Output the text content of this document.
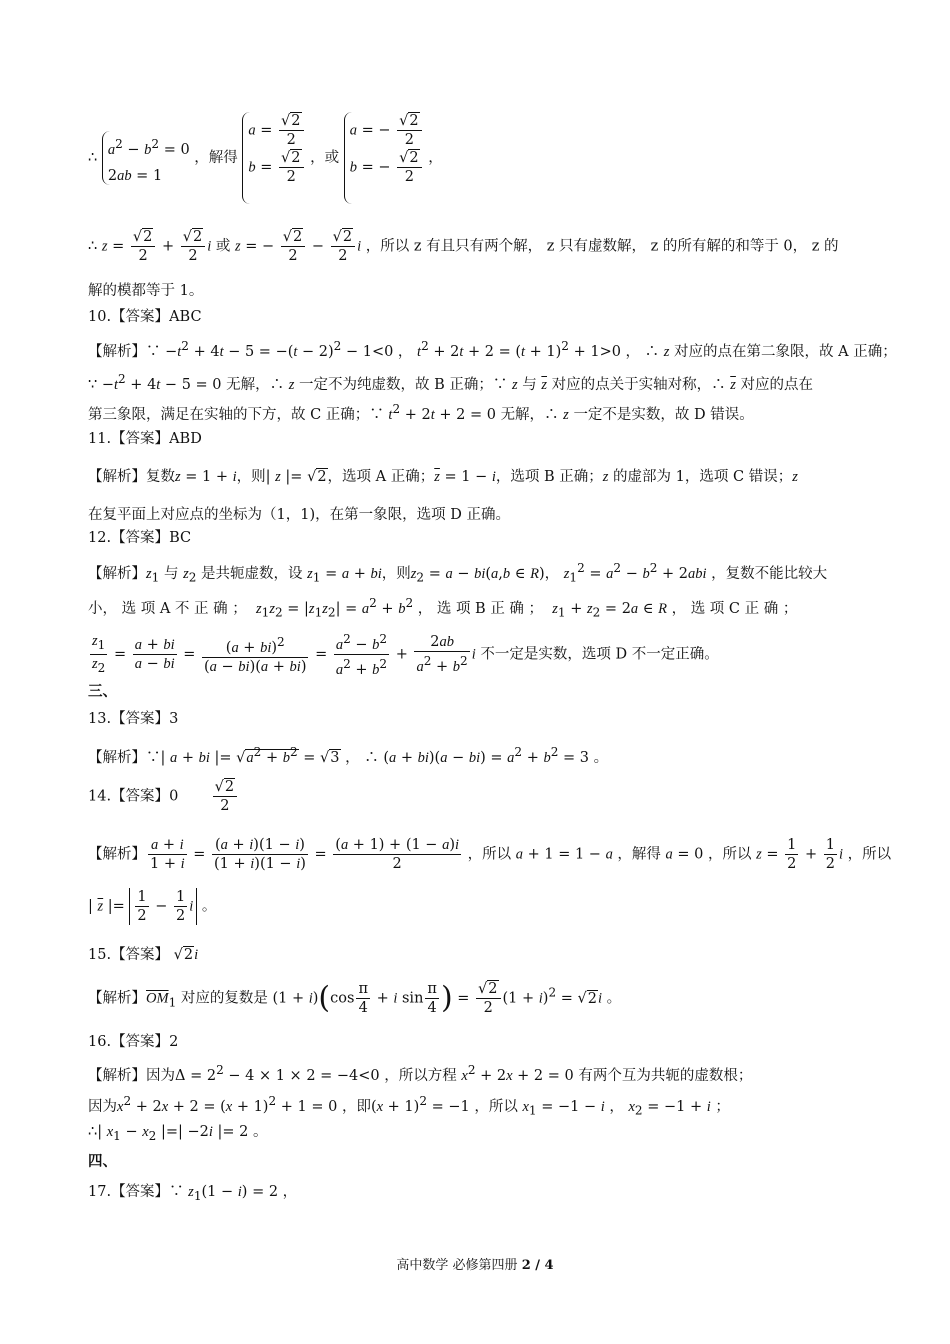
∴
$a^2 - b^2 = 0$
2ab = 1
，解得
$a = \frac{√2}{2}$
$b = \frac{√2}{2}$ ，或
a = − $\frac{√2}{2}$
b = − $\frac{√2}{2}$ ，
∴ $z = \frac{√2}{2} + \frac{√2}{2}$ i 或 z = − $\frac{√2}{2} - \frac{√2}{2}$ i ，所以 z 有且只有两个解， z 只有虚数解， z 的所有解的和等于 0， z 的
解的模都等于 1。
10.【答案】ABC
【解析】∵ $-t^2 + 4t - 5 = -(t - 2)^2 - 1<0$ ， $t^2 + 2t + 2 = (t + 1)^2 + 1>0$ ， ∴ z 对应的点在第二象限，故 A 正确；
∵ $-t^2 + 4t - 5 = 0$ 无解，∴ z 一定不为纯虚数，故 B 正确；∵ z 与 $\overline{z}$ 对应的点关于实轴对称，∴ $\overline{z}$ 对应的点在
第三象限，满足在实轴的下方，故 C 正确；∵ $t^2 + 2t + 2 = 0$ 无解，∴ z 一定不是实数，故 D 错误。
11.【答案】ABD
【解析】复数z = 1 + i，则| z |= √2，选项 A 正确；$\overline{z} = 1 - i$，选项 B 正确；z 的虚部为 1，选项 C 错误；z
在复平面上对应点的坐标为（1，1)，在第一象限，选项 D 正确。
12.【答案】BC
【解析】$z_1$ 与 $z_2$ 是共轭虚数，设 $z_1 = a$ + bi，则$z_2 = a - bi(a,b$ ∈ R)， $z_1^2 = a^2 - b^2 + 2abi$ ，复数不能比较大
小， 选 项 A 不 正 确 ； $z_1z_2 = |z_1z_2| = a^2 + b^2$ ， 选 项 B 正 确 ； $z_1 + z_2 = 2a$ ∈ R ， 选 项 C 正 确 ；
$\frac{z_1}{z_2} = \frac{a + bi}{a - bi} = \frac{(a + bi)^2}{(a - bi)(a + bi)} = \frac{a^2 - b^2}{a^2 + b^2} + \frac{2ab}{a^2 + b^2}$ i 不一定是实数，选项 D 不一定正确。
三、
13.【答案】3
【解析】∵| a + bi |= $√a^2 + b^2 = √3$ ， ∴ $(a + bi)(a - bi) = a^2 + b^2 = 3$ 。
14.【答案】$0 \frac{√2}{2}$
【解析】 $\frac{a + i}{1 + i} = \frac{(a + i)(1 - i)}{(1 + i)(1 - i)} = \frac{(a + 1) + (1 - a)i}{2}$ ，所以 a + 1 = 1 − a ，解得 a = 0 ，所以 $z = \frac{1}{2} + \frac{1}{2}$ i ，所以
| $\overline{z}$ |= $\frac{1}{2} - \frac{1}{2}$ i 。
15.【答案】 √2i
【解析】$\overline{OM}_1$ 对应的复数是 $(1 + i)(\cos \frac{\pi}{4} + i$ $\sin \frac{\pi}{4}$ ) = $\frac{√2}{2} (1 + i)^2 = √2i$ 。
16.【答案】2
【解析】因为$\Delta = 2^2 - 4 \times 1 \times 2 = -4<0$ ，所以方程 $x^2 + 2x + 2 = 0$ 有两个互为共轭的虚数根；
因为$x^2 + 2x + 2 = (x + 1)^2 + 1 = 0$ ，即$(x + 1)^2 = -1$ ，所以 $x_1 = -1 - i$ ， $x_2 = -1 + i$ ；
∴| $x_1 - x_2$ |=| −2i |= 2 。
四、
17.【答案】∵ $z_1(1 - i) = 2$ ，
高中数学 必修第四册 2 / 4
